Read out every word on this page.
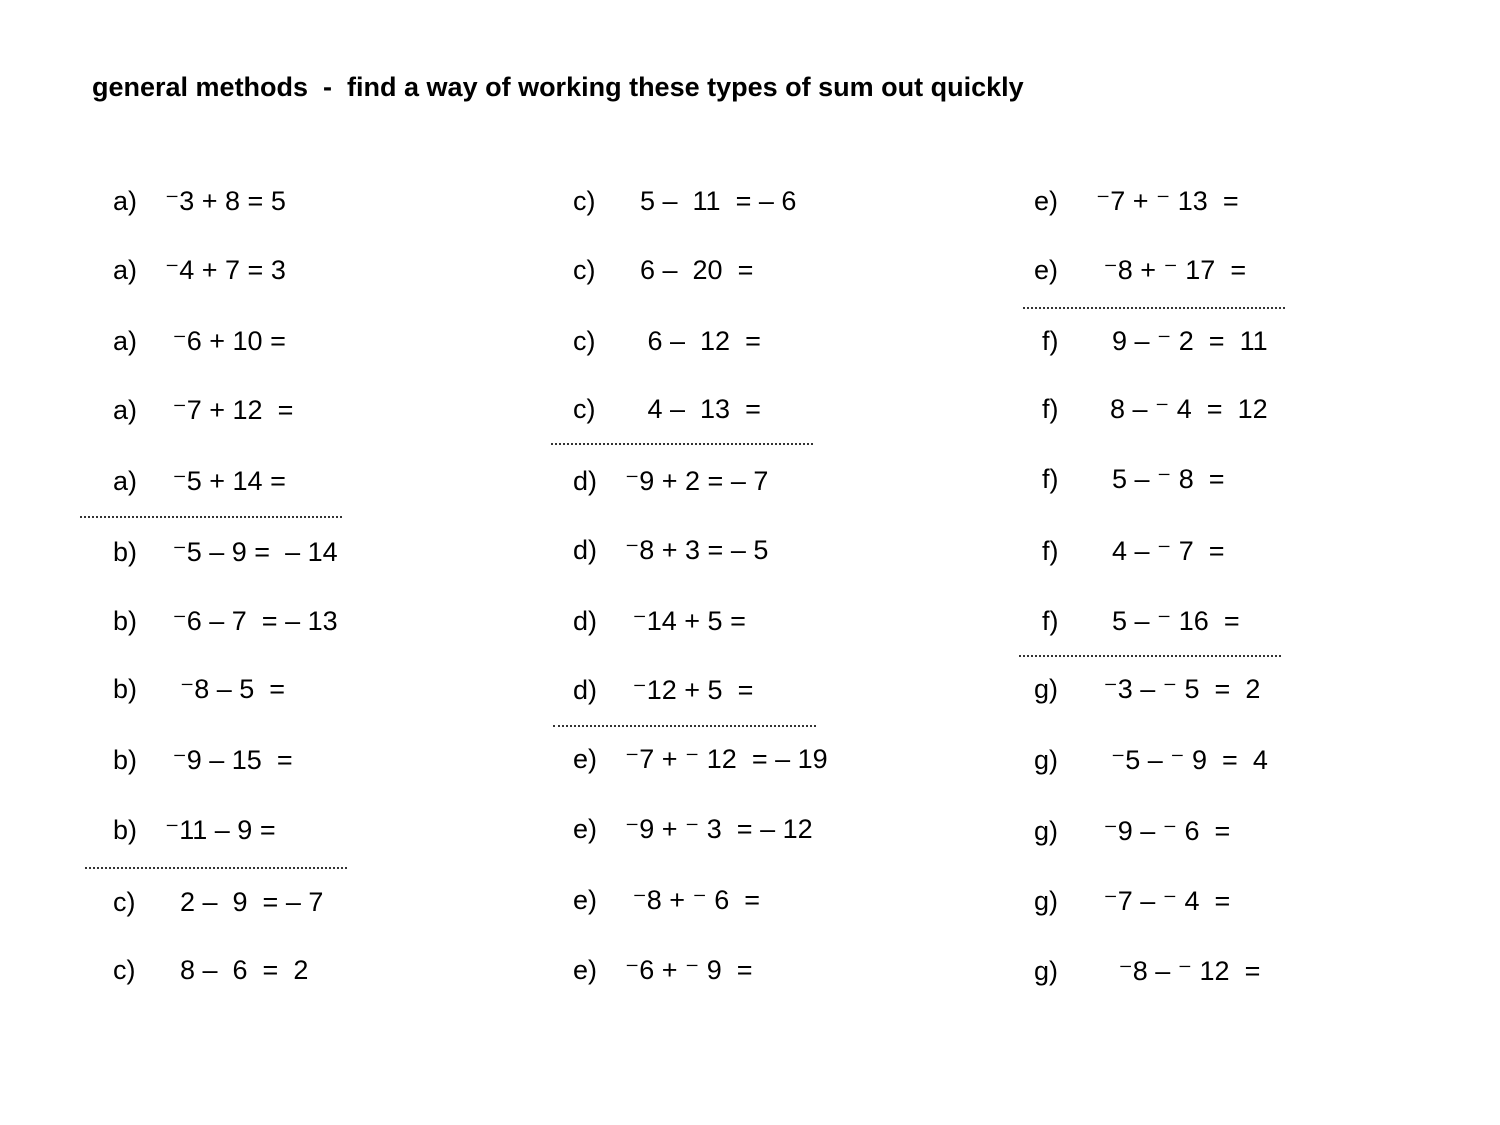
general methods  -  find a way of working these types of sum out quickly

a)

⁻3 + 8 = 5

a)

⁻4 + 7 = 3

a)

⁻6 + 10 =

a)

⁻7 + 12  =

a)

⁻5 + 14 =

b)

⁻5 – 9 =  – 14

b)

⁻6 – 7  = – 13

b)

⁻8 – 5  =

b)

⁻9 – 15  =

b)

⁻11 – 9 =

c)

2 –  9  = – 7

c)

8 –  6  =  2

c)

5 –  11  = – 6

c)

6 –  20  =

c)

6 –  12  =

c)

4 –  13  =

d)

⁻9 + 2 = – 7

d)

⁻8 + 3 = – 5

d)

⁻14 + 5 =

d)

⁻12 + 5  =

e)

⁻7 + ⁻ 12  = – 19

e)

⁻9 + ⁻ 3  = – 12

e)

⁻8 + ⁻ 6  =

e)

⁻6 + ⁻ 9  =

e)

⁻7 + ⁻ 13  =

e)

⁻8 + ⁻ 17  =

f)

9 – ⁻ 2  =  11

f)

8 – ⁻ 4  =  12

f)

5 – ⁻ 8  =

f)

4 – ⁻ 7  =

f)

5 – ⁻ 16  =

g)

⁻3 – ⁻ 5  =  2

g)

⁻5 – ⁻ 9  =  4

g)

⁻9 – ⁻ 6  =

g)

⁻7 – ⁻ 4  =

g)

⁻8 – ⁻ 12  =
